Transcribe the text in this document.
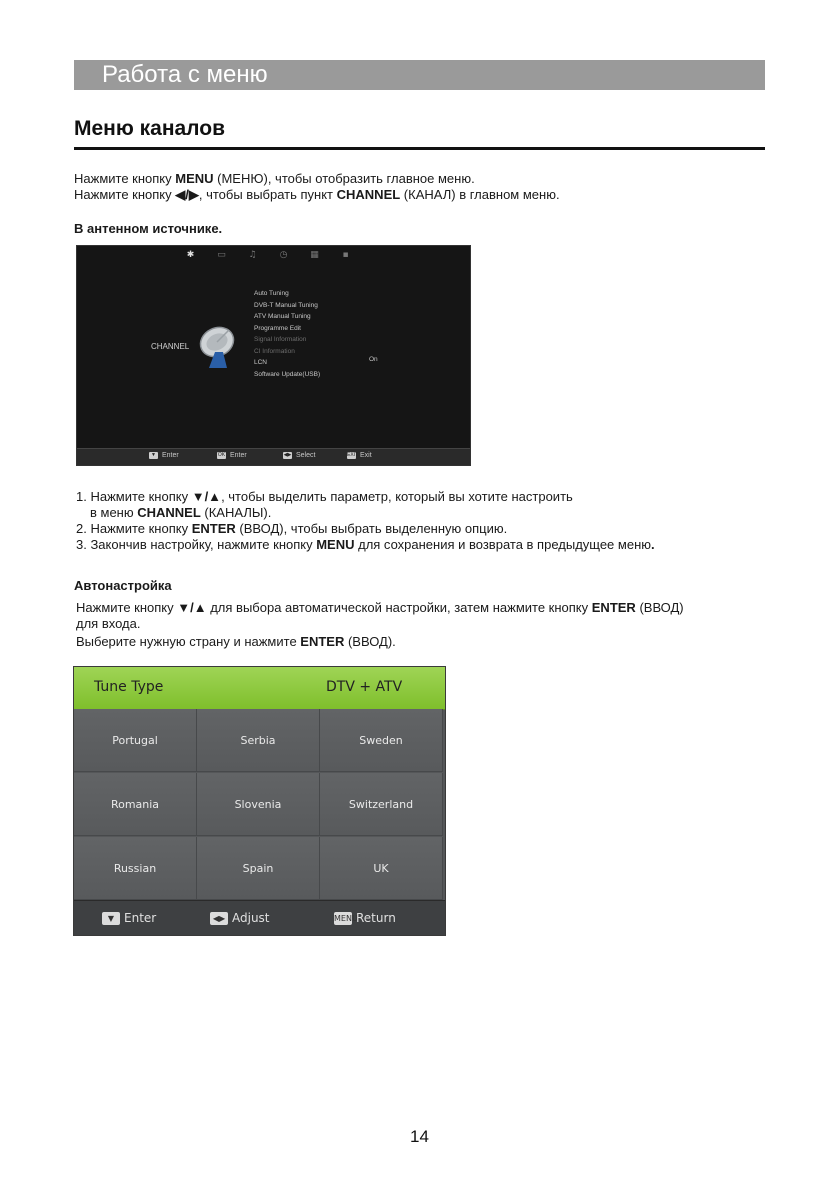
Работа с меню
Меню каналов
Нажмите кнопку MENU (МЕНЮ), чтобы отобразить главное меню.
Нажмите кнопку ◀/▶, чтобы выбрать пункт CHANNEL (КАНАЛ) в главном меню.
В антенном источнике.
✱	▭	♫	◷	▦	▪
CHANNEL
Auto Tuning
DVB-T Manual Tuning
ATV Manual Tuning
Programme Edit
Signal Information
CI Information
LCN
Software Update(USB)
On
▼ Enter	OK Enter	◀▶ Select	EXIT Exit
1. Нажмите кнопку ▼/▲, чтобы выделить параметр, который вы хотите настроить
в меню CHANNEL (КАНАЛЫ).
2. Нажмите кнопку ENTER (ВВОД), чтобы выбрать выделенную опцию.
3. Закончив настройку, нажмите кнопку MENU для сохранения и возврата в предыдущее меню.
Автонастройка
Нажмите кнопку ▼/▲ для выбора автоматической настройки, затем нажмите кнопку ENTER (ВВОД)
для входа.
Выберите нужную страну и нажмите ENTER (ВВОД).
Tune Type	DTV + ATV
Portugal	Serbia	Sweden
Romania	Slovenia	Switzerland
Russian	Spain	UK
▼ Enter	◀▶ Adjust	MENU
Return
14
